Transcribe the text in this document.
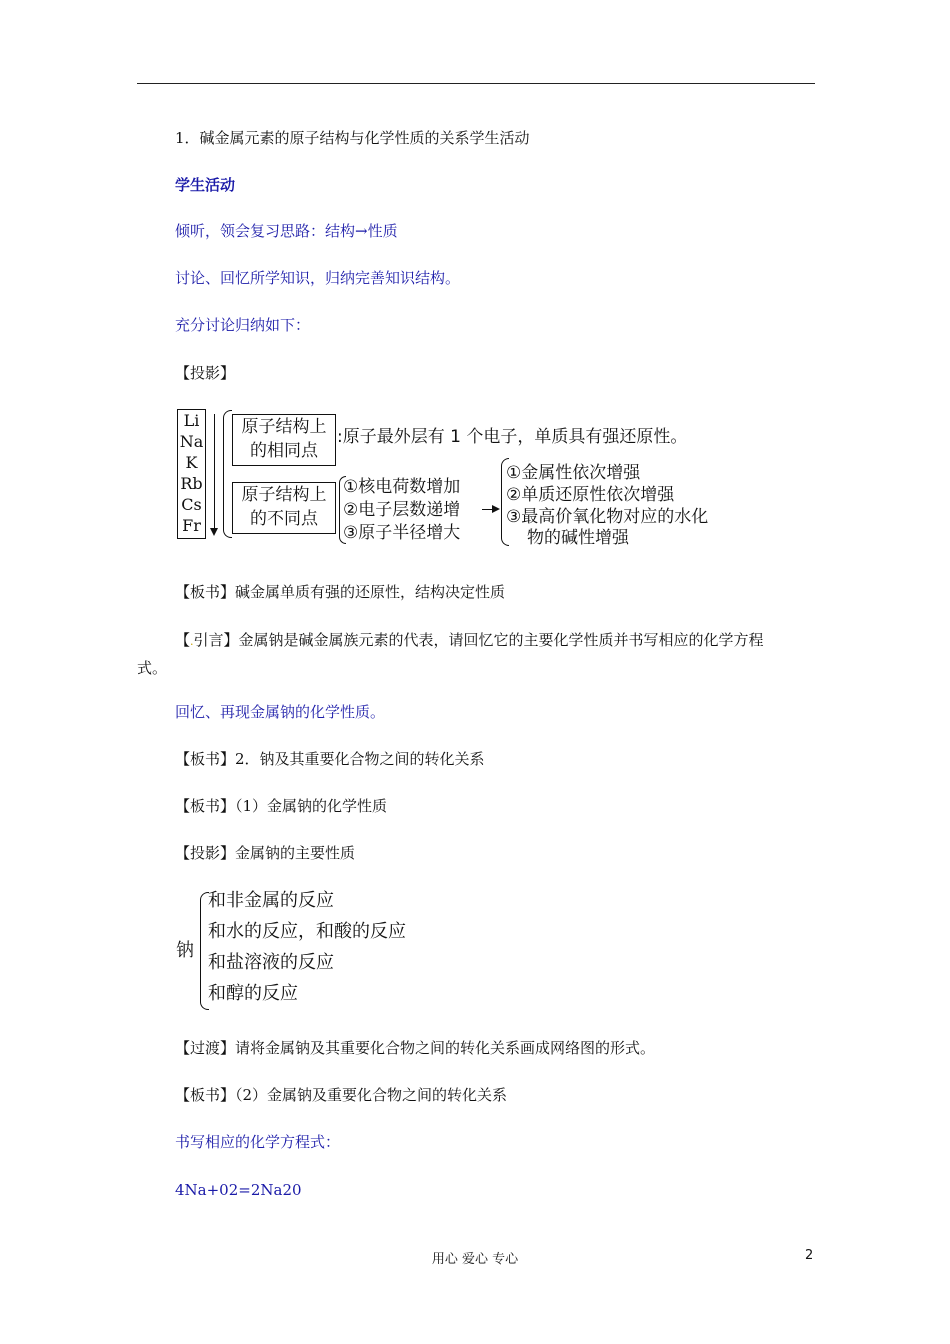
1．碱金属元素的原子结构与化学性质的关系学生活动
学生活动
倾听，领会复习思路：结构→性质
讨论、回忆所学知识，归纳完善知识结构。
充分讨论归纳如下：
【投影】
Li
Na
K
Rb
Cs
Fr
原子结构上
的相同点
:原子最外层有 1 个电子，单质具有强还原性。
原子结构上
的不同点
①核电荷数增加
②电子层数递增
③原子半径增大
①金属性依次增强
②单质还原性依次增强
③最高价氧化物对应的水化
物的碱性增强
【板书】碱金属单质有强的还原性，结构决定性质
【.引言】金属钠是碱金属族元素的代表，请回忆它的主要化学性质并书写相应的化学方程
式。
回忆、再现金属钠的化学性质。
【板书】2．钠及其重要化合物之间的转化关系
【板书】（1）金属钠的化学性质
【投影】金属钠的主要性质
钠
和非金属的反应
和水的反应，和酸的反应
和盐溶液的反应
和醇的反应
【过渡】请将金属钠及其重要化合物之间的转化关系画成网络图的形式。
【板书】（2）金属钠及重要化合物之间的转化关系
书写相应的化学方程式：
4Na+02=2Na20
用心 爱心 专心	2
